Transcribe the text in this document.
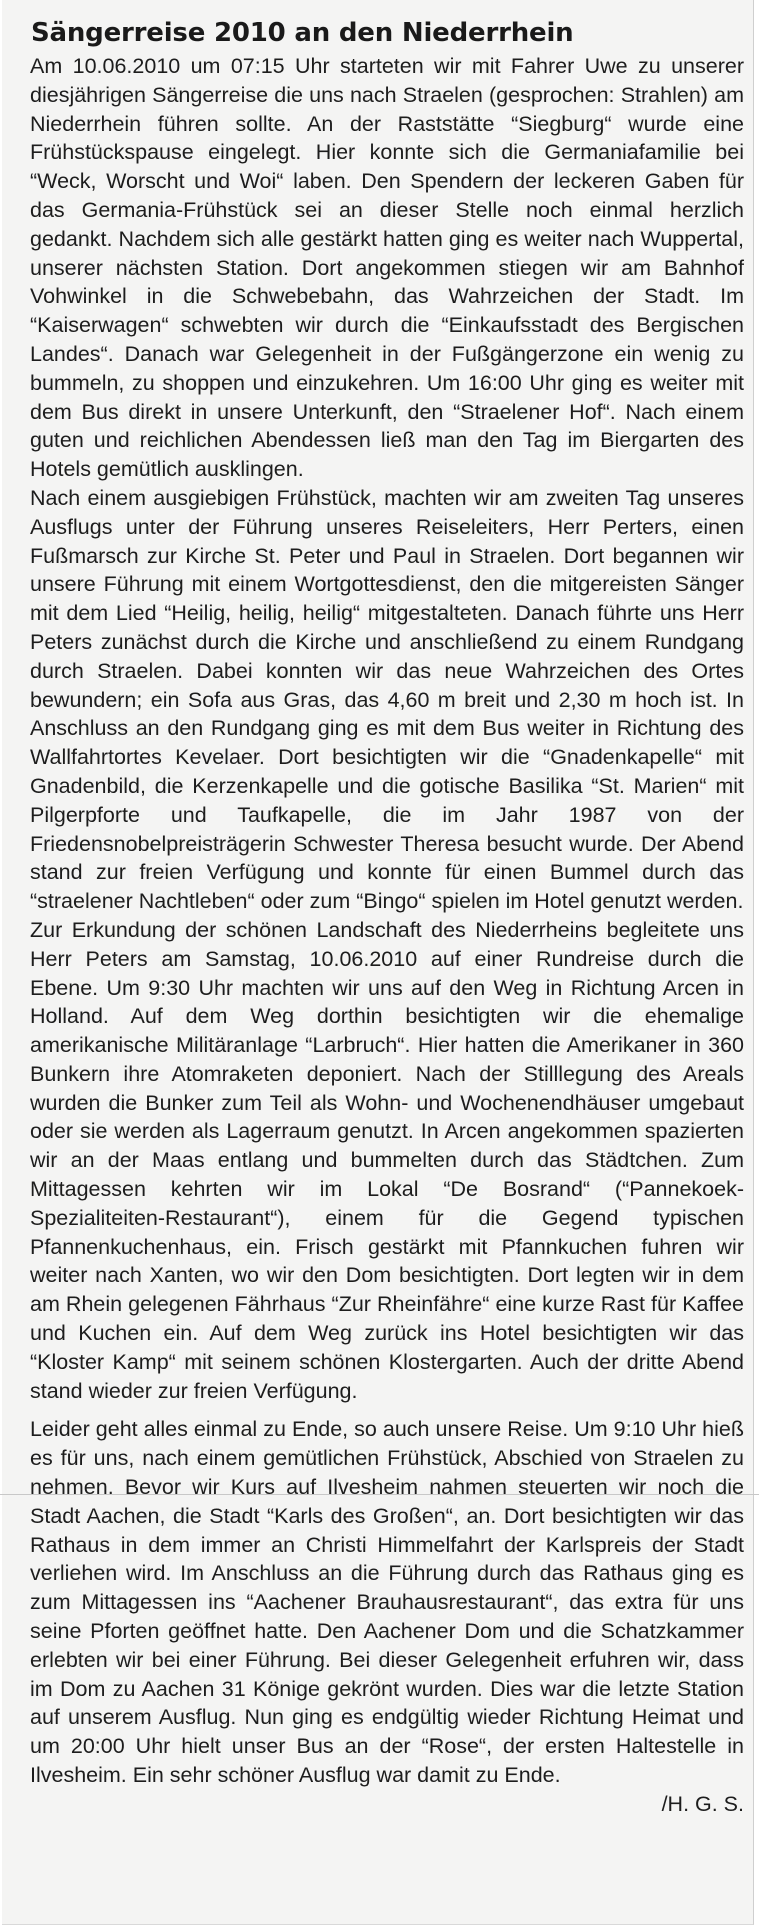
Sängerreise 2010 an den Niederrhein

Am 10.06.2010 um 07:15 Uhr starteten wir mit Fahrer Uwe zu unserer diesjährigen Sängerreise die uns nach Straelen (gesprochen: Strahlen) am Niederrhein führen sollte. An der Raststätte “Siegburg“ wurde eine Frühstückspause eingelegt. Hier konnte sich die Germaniafamilie bei “Weck, Worscht und Woi“ laben. Den Spendern der leckeren Gaben für das Germania-Frühstück sei an dieser Stelle noch einmal herzlich gedankt. Nachdem sich alle gestärkt hatten ging es weiter nach Wuppertal, unserer nächsten Station. Dort angekommen stiegen wir am Bahnhof Vohwinkel in die Schwebebahn, das Wahrzeichen der Stadt. Im “Kaiserwagen“ schwebten wir durch die “Einkaufsstadt des Bergischen Landes“. Danach war Gelegenheit in der Fußgängerzone ein wenig zu bummeln, zu shoppen und einzukehren. Um 16:00 Uhr ging es weiter mit dem Bus direkt in unsere Unterkunft, den “Straelener Hof“. Nach einem guten und reichlichen Abendessen ließ man den Tag im Biergarten des Hotels gemütlich ausklingen.

Nach einem ausgiebigen Frühstück, machten wir am zweiten Tag unseres Ausflugs unter der Führung unseres Reiseleiters, Herr Perters, einen Fußmarsch zur Kirche St. Peter und Paul in Straelen. Dort begannen wir unsere Führung mit einem Wortgottesdienst, den die mitgereisten Sänger mit dem Lied “Heilig, heilig, heilig“ mitgestalteten. Danach führte uns Herr Peters zunächst durch die Kirche und anschließend zu einem Rundgang durch Straelen. Dabei konnten wir das neue Wahrzeichen des Ortes bewundern; ein Sofa aus Gras, das 4,60 m breit und 2,30 m hoch ist. In Anschluss an den Rundgang ging es mit dem Bus weiter in Richtung des Wallfahrtortes Kevelaer. Dort besichtigten wir die “Gnadenkapelle“ mit Gnadenbild, die Kerzenkapelle und die gotische Basilika “St. Marien“ mit Pilgerpforte und Taufkapelle, die im Jahr 1987 von der Friedensnobelpreisträgerin Schwester Theresa besucht wurde. Der Abend stand zur freien Verfügung und konnte für einen Bummel durch das “straelener Nachtleben“ oder zum “Bingo“ spielen im Hotel genutzt werden.

Zur Erkundung der schönen Landschaft des Niederrheins begleitete uns Herr Peters am Samstag, 10.06.2010 auf einer Rundreise durch die Ebene. Um 9:30 Uhr machten wir uns auf den Weg in Richtung Arcen in Holland. Auf dem Weg dorthin besichtigten wir die ehemalige amerikanische Militäranlage “Larbruch“. Hier hatten die Amerikaner in 360 Bunkern ihre Atomraketen deponiert. Nach der Stilllegung des Areals wurden die Bunker zum Teil als Wohn- und Wochenendhäuser umgebaut oder sie werden als Lagerraum genutzt. In Arcen angekommen spazierten wir an der Maas entlang und bummelten durch das Städtchen. Zum Mittagessen kehrten wir im Lokal “De Bosrand“ (“Pannekoek-Spezialiteiten-Restaurant“), einem für die Gegend typischen Pfannenkuchenhaus, ein. Frisch gestärkt mit Pfannkuchen fuhren wir weiter nach Xanten, wo wir den Dom besichtigten. Dort legten wir in dem am Rhein gelegenen Fährhaus “Zur Rheinfähre“ eine kurze Rast für Kaffee und Kuchen ein. Auf dem Weg zurück ins Hotel besichtigten wir das “Kloster Kamp“ mit seinem schönen Klostergarten. Auch der dritte Abend stand wieder zur freien Verfügung.

Leider geht alles einmal zu Ende, so auch unsere Reise. Um 9:10 Uhr hieß es für uns, nach einem gemütlichen Frühstück, Abschied von Straelen zu nehmen. Bevor wir Kurs auf Ilvesheim nahmen steuerten wir noch die Stadt Aachen, die Stadt “Karls des Großen“, an. Dort besichtigten wir das Rathaus in dem immer an Christi Himmelfahrt der Karlspreis der Stadt verliehen wird. Im Anschluss an die Führung durch das Rathaus ging es zum Mittagessen ins “Aachener Brauhausrestaurant“, das extra für uns seine Pforten geöffnet hatte. Den Aachener Dom und die Schatzkammer erlebten wir bei einer Führung. Bei dieser Gelegenheit erfuhren wir, dass im Dom zu Aachen 31 Könige gekrönt wurden. Dies war die letzte Station auf unserem Ausflug. Nun ging es endgültig wieder Richtung Heimat und um 20:00 Uhr hielt unser Bus an der “Rose“, der ersten Haltestelle in Ilvesheim. Ein sehr schöner Ausflug war damit zu Ende.

/H. G. S.
